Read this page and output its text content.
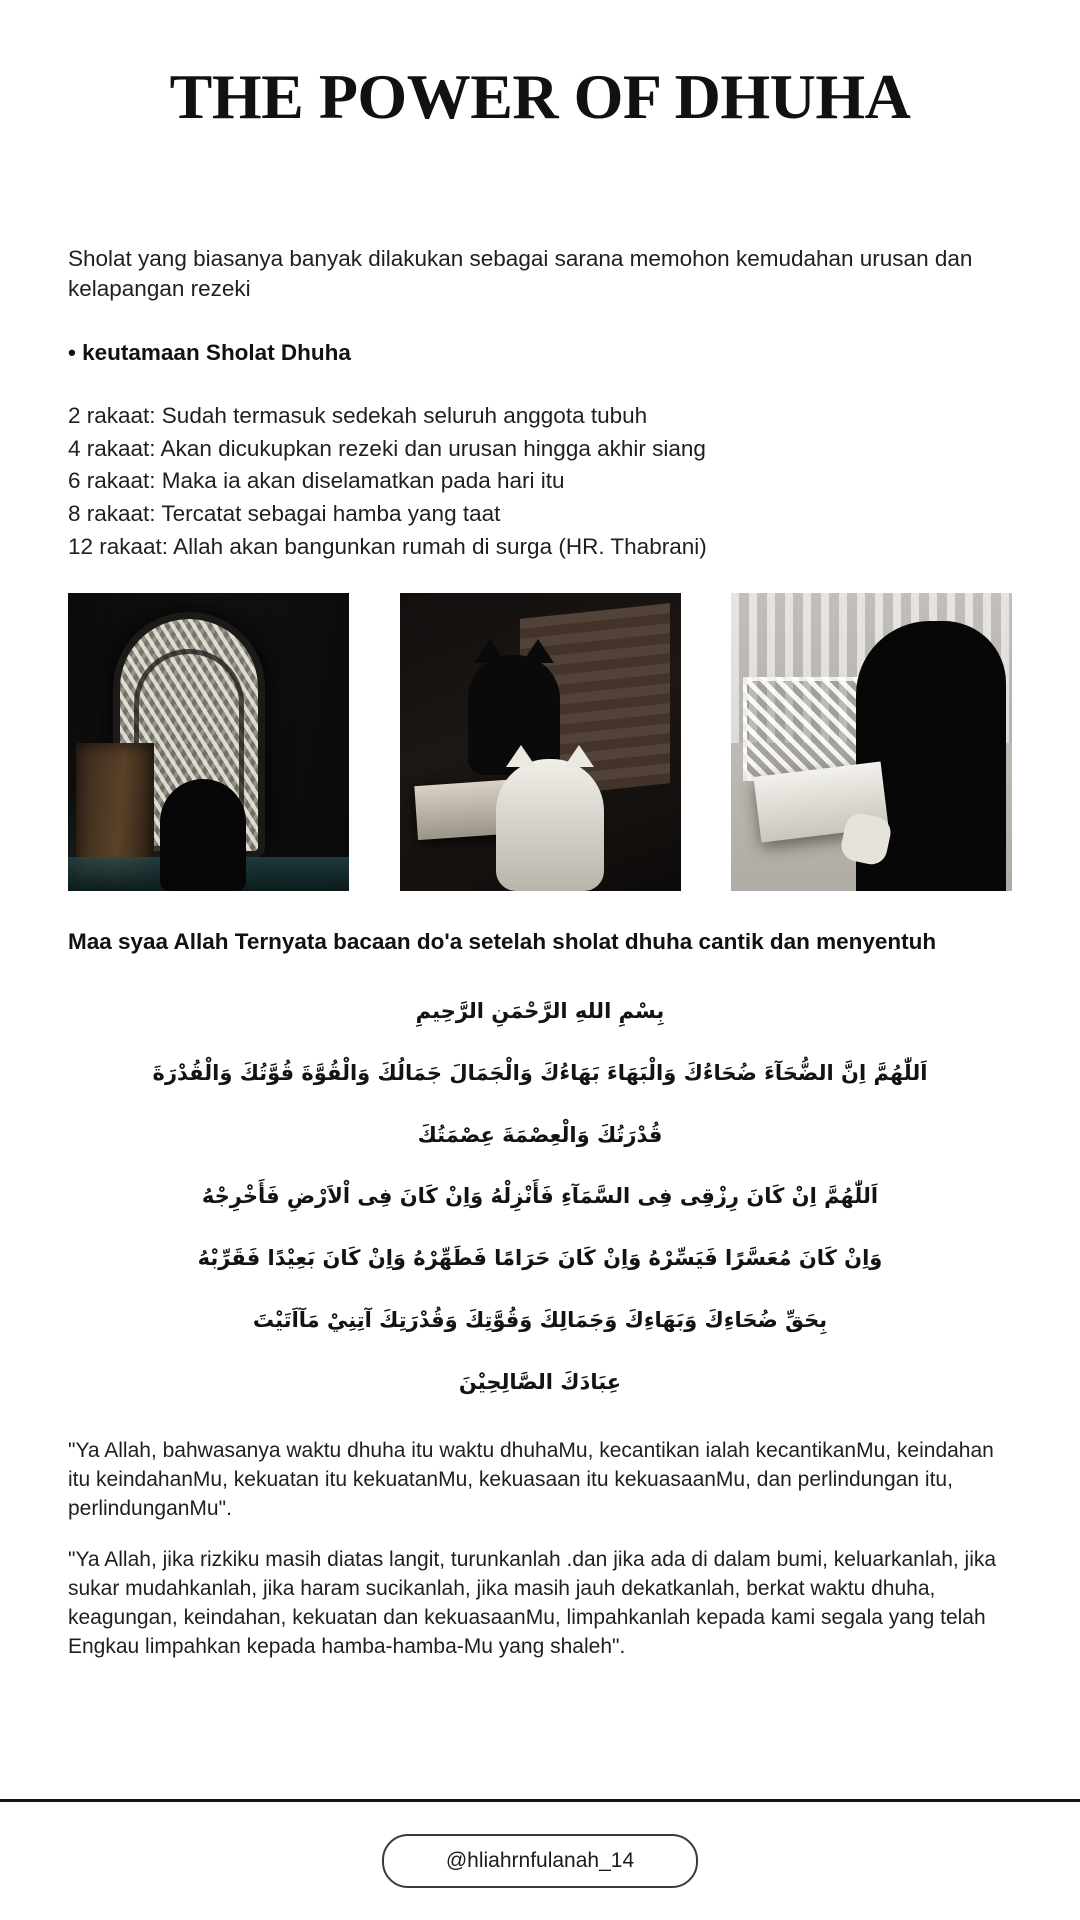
THE POWER OF DHUHA
Sholat yang biasanya banyak dilakukan sebagai sarana memohon kemudahan urusan dan kelapangan rezeki
• keutamaan Sholat Dhuha
2 rakaat: Sudah termasuk sedekah seluruh anggota tubuh
4 rakaat: Akan dicukupkan rezeki dan urusan hingga akhir siang
6 rakaat: Maka ia akan diselamatkan pada hari itu
8 rakaat: Tercatat sebagai hamba yang taat
12 rakaat: Allah akan bangunkan rumah di surga (HR. Thabrani)
Maa syaa Allah Ternyata bacaan do'a setelah sholat dhuha cantik dan menyentuh
بِسْمِ اللهِ الرَّحْمَنِ الرَّحِيمِ
اَللّٰهُمَّ اِنَّ الضُّحَآءَ ضُحَاءُكَ وَالْبَهَاءَ بَهَاءُكَ وَالْجَمَالَ جَمَالُكَ وَالْقُوَّةَ قُوَّتُكَ وَالْقُدْرَةَ
قُدْرَتُكَ وَالْعِصْمَةَ عِصْمَتُكَ
اَللّٰهُمَّ اِنْ كَانَ رِزْقِى فِى السَّمَآءِ فَأَنْزِلْهُ وَاِنْ كَانَ فِى اْلاَرْضِ فَأَخْرِجْهُ
وَاِنْ كَانَ مُعَسَّرًا فَيَسِّرْهُ وَاِنْ كَانَ حَرَامًا فَطَهِّرْهُ وَاِنْ كَانَ بَعِيْدًا فَقَرِّبْهُ
بِحَقِّ ضُحَاءِكَ وَبَهَاءِكَ وَجَمَالِكَ وَقُوَّتِكَ وَقُدْرَتِكَ آتِنِيْ مَآاَتَيْتَ
عِبَادَكَ الصَّالِحِيْنَ

"Ya Allah, bahwasanya waktu dhuha itu waktu dhuhaMu, kecantikan ialah kecantikanMu, keindahan itu keindahanMu, kekuatan itu kekuatanMu, kekuasaan itu kekuasaanMu, dan perlindungan itu, perlindunganMu".

"Ya Allah, jika rizkiku masih diatas langit, turunkanlah .dan jika ada di dalam bumi, keluarkanlah, jika sukar mudahkanlah, jika haram sucikanlah, jika masih jauh dekatkanlah, berkat waktu dhuha, keagungan, keindahan, kekuatan dan kekuasaanMu, limpahkanlah kepada kami segala yang telah Engkau limpahkan kepada hamba-hamba-Mu yang shaleh".

@hliahrnfulanah_14
